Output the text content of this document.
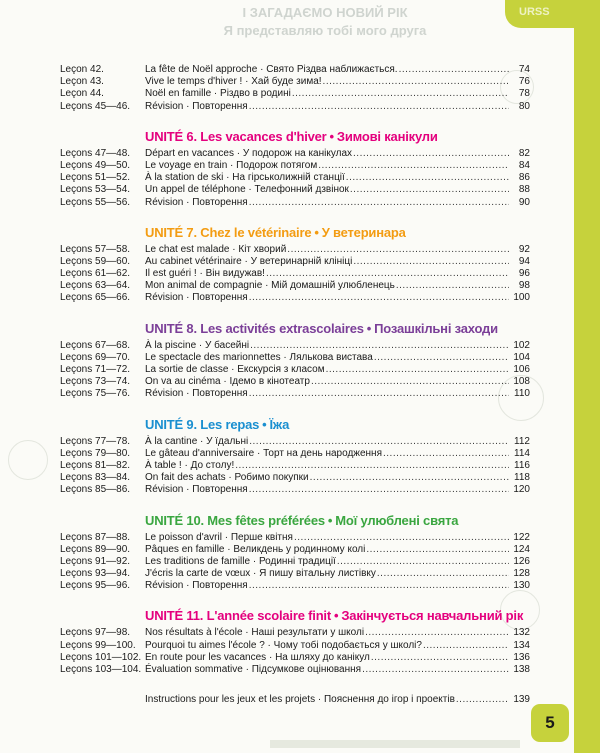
І ЗАГАДАЄМО НОВИЙ РІК
Я представляю тобі мого друга
Leçon 42.	La fête de Noël approche · Свято Різдва наближається. .....	74
Leçon 43.	Vive le temps d'hiver ! · Хай буде зима! .....	76
Leçon 44.	Noël en famille · Різдво в родині .....	78
Leçons 45—46.	Révision · Повторення .....	80
UNITÉ 6. Les vacances d'hiver • Зимові канікули
Leçons 47—48.	Départ en vacances · У подорож на канікулах .....	82
Leçons 49—50.	Le voyage en train · Подорож потягом .....	84
Leçons 51—52.	À la station de ski · На гірськолижній станції .....	86
Leçons 53—54.	Un appel de téléphone · Телефонний дзвінок .....	88
Leçons 55—56.	Révision · Повторення .....	90
UNITÉ 7. Chez le vétérinaire • У ветеринара
Leçons 57—58.	Le chat est malade · Кіт хворий .....	92
Leçons 59—60.	Au cabinet vétérinaire · У ветеринарній клініці .....	94
Leçons 61—62.	Il est guéri ! · Він видужав! .....	96
Leçons 63—64.	Mon animal de compagnie · Мій домашній улюбленець .....	98
Leçons 65—66.	Révision · Повторення .....	100
UNITÉ 8. Les activités extrascolaires • Позашкільні заходи
Leçons 67—68.	À la piscine · У басейні .....	102
Leçons 69—70.	Le spectacle des marionnettes · Лялькова вистава .....	104
Leçons 71—72.	La sortie de classe · Екскурсія з класом .....	106
Leçons 73—74.	On va au cinéma · Ідемо в кінотеатр .....	108
Leçons 75—76.	Révision · Повторення .....	110
UNITÉ 9. Les repas • Їжа
Leçons 77—78.	À la cantine · У їдальні .....	112
Leçons 79—80.	Le gâteau d'anniversaire · Торт на день народження .....	114
Leçons 81—82.	À table ! · До столу! .....	116
Leçons 83—84.	On fait des achats · Робимо покупки .....	118
Leçons 85—86.	Révision · Повторення .....	120
UNITÉ 10. Mes fêtes préférées • Мої улюблені свята
Leçons 87—88.	Le poisson d'avril · Перше квітня .....	122
Leçons 89—90.	Pâques en famille · Великдень у родинному колі .....	124
Leçons 91—92.	Les traditions de famille · Родинні традиції .....	126
Leçons 93—94.	J'écris la carte de vœux · Я пишу вітальну листівку .....	128
Leçons 95—96.	Révision · Повторення .....	130
UNITÉ 11. L'année scolaire finit • Закінчується навчальний рік
Leçons 97—98.	Nos résultats à l'école · Наші результати у школі .....	132
Leçons 99—100. Pourquoi tu aimes l'école ? · Чому тобі подобається у школі? .....	134
Leçons 101—102. En route pour les vacances · На шляху до канікул .....	136
Leçons 103—104. Évaluation sommative · Підсумкове оцінювання .....	138
Instructions pour les jeux et les projets · Пояснення до ігор і проектів .....	139
5
URSS
